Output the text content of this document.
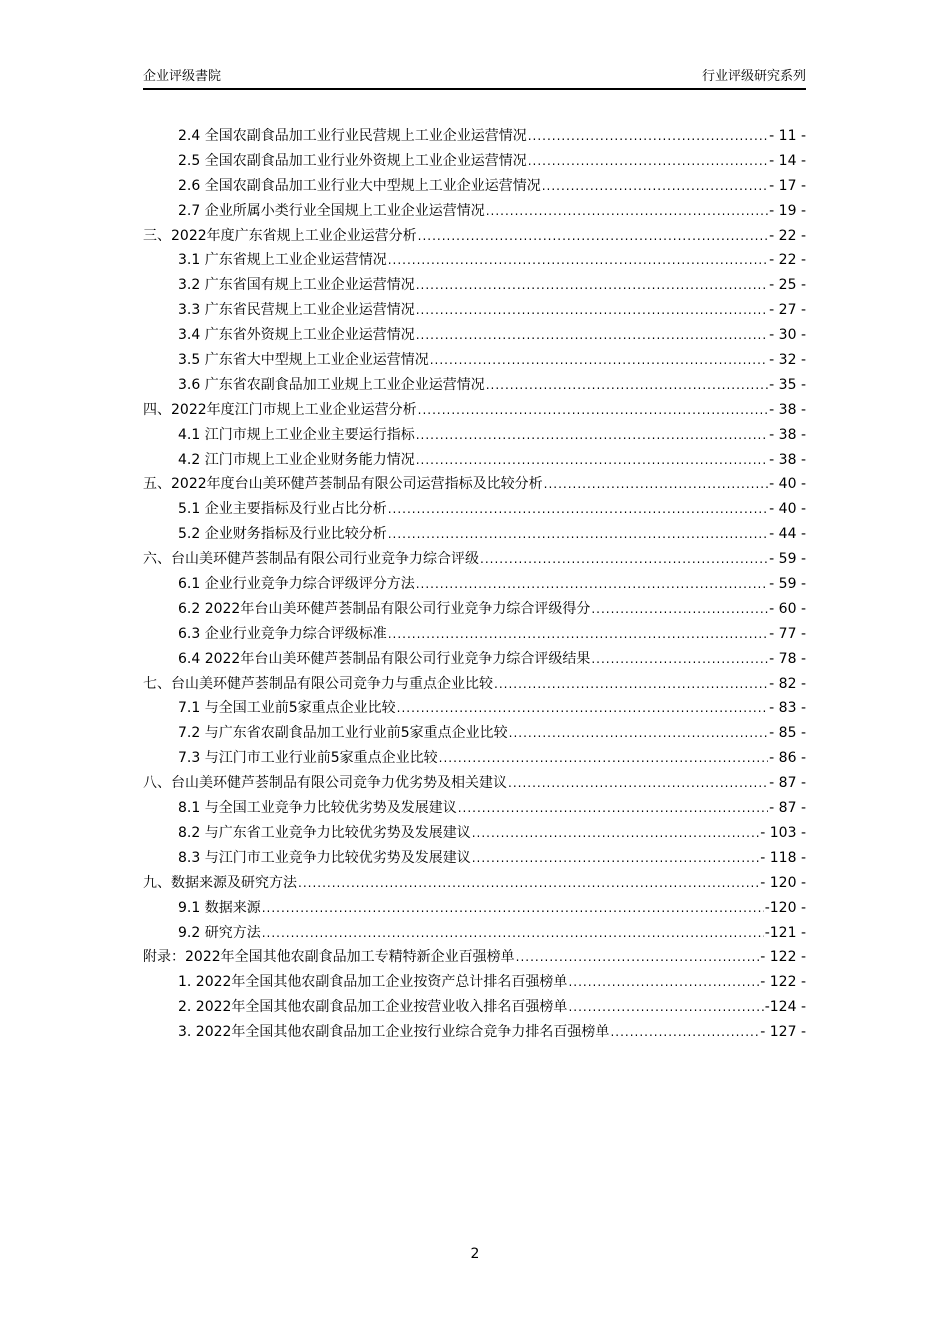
企业评级書院	行业评级研究系列
2.4 全国农副食品加工业行业民营规上工业企业运营情况 .....	- 11 -
2.5 全国农副食品加工业行业外资规上工业企业运营情况 .....	- 14 -
2.6 全国农副食品加工业行业大中型规上工业企业运营情况 .....	- 17 -
2.7 企业所属小类行业全国规上工业企业运营情况 .....	- 19 -
三、2022年度广东省规上工业企业运营分析 .....	- 22 -
3.1 广东省规上工业企业运营情况 .....	- 22 -
3.2 广东省国有规上工业企业运营情况 .....	- 25 -
3.3 广东省民营规上工业企业运营情况 .....	- 27 -
3.4 广东省外资规上工业企业运营情况 .....	- 30 -
3.5 广东省大中型规上工业企业运营情况 .....	- 32 -
3.6 广东省农副食品加工业规上工业企业运营情况 .....	- 35 -
四、2022年度江门市规上工业企业运营分析 .....	- 38 -
4.1 江门市规上工业企业主要运行指标 .....	- 38 -
4.2 江门市规上工业企业财务能力情况 .....	- 38 -
五、2022年度台山美环健芦荟制品有限公司运营指标及比较分析 .....	- 40 -
5.1 企业主要指标及行业占比分析 .....	- 40 -
5.2 企业财务指标及行业比较分析 .....	- 44 -
六、台山美环健芦荟制品有限公司行业竞争力综合评级 .....	- 59 -
6.1 企业行业竞争力综合评级评分方法 .....	- 59 -
6.2 2022年台山美环健芦荟制品有限公司行业竞争力综合评级得分 .....	- 60 -
6.3 企业行业竞争力综合评级标准 .....	- 77 -
6.4 2022年台山美环健芦荟制品有限公司行业竞争力综合评级结果 .....	- 78 -
七、台山美环健芦荟制品有限公司竞争力与重点企业比较 .....	- 82 -
7.1 与全国工业前5家重点企业比较 .....	- 83 -
7.2 与广东省农副食品加工业行业前5家重点企业比较 .....	- 85 -
7.3 与江门市工业行业前5家重点企业比较 .....	- 86 -
八、台山美环健芦荟制品有限公司竞争力优劣势及相关建议 .....	- 87 -
8.1 与全国工业竞争力比较优劣势及发展建议 .....	- 87 -
8.2 与广东省工业竞争力比较优劣势及发展建议 .....	- 103 -
8.3 与江门市工业竞争力比较优劣势及发展建议 .....	- 118 -
九、数据来源及研究方法 .....	- 120 -
9.1 数据来源 .....	-120 -
9.2 研究方法 .....	-121 -
附录：2022年全国其他农副食品加工专精特新企业百强榜单 .....	- 122 -
1. 2022年全国其他农副食品加工企业按资产总计排名百强榜单 .....	- 122 -
2. 2022年全国其他农副食品加工企业按营业收入排名百强榜单 .....	-124 -
3. 2022年全国其他农副食品加工企业按行业综合竞争力排名百强榜单 .....	- 127 -
2
